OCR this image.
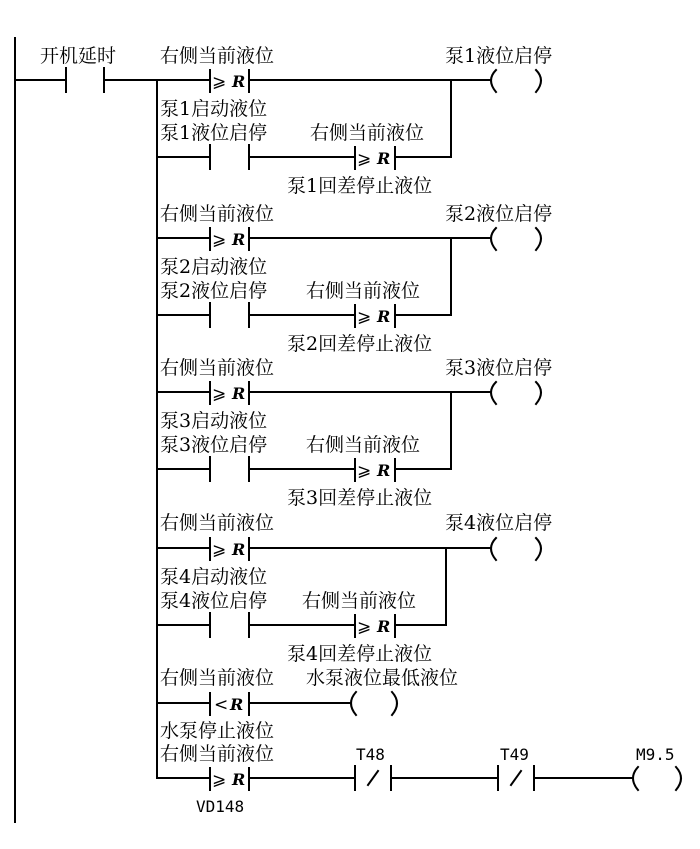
开机延时 右侧当前液位
⩾ R
泵1液位启停
泵1启动液位
泵1液位启停 右侧当前液位
⩾ R
泵1回差停止液位
右侧当前液位
⩾ R
泵2液位启停
泵2启动液位
泵2液位启停 右侧当前液位
⩾ R
泵2回差停止液位
右侧当前液位
⩾ R
泵3液位启停
泵3启动液位
泵3液位启停 右侧当前液位
⩾ R
泵3回差停止液位
右侧当前液位
⩾ R
泵4液位启停
泵4启动液位
泵4液位启停 右侧当前液位
⩾ R
泵4回差停止液位
右侧当前液位 水泵液位最低液位
< R
水泵停止液位
右侧当前液位
⩾ R
VD148
T48	T49	M9.5
